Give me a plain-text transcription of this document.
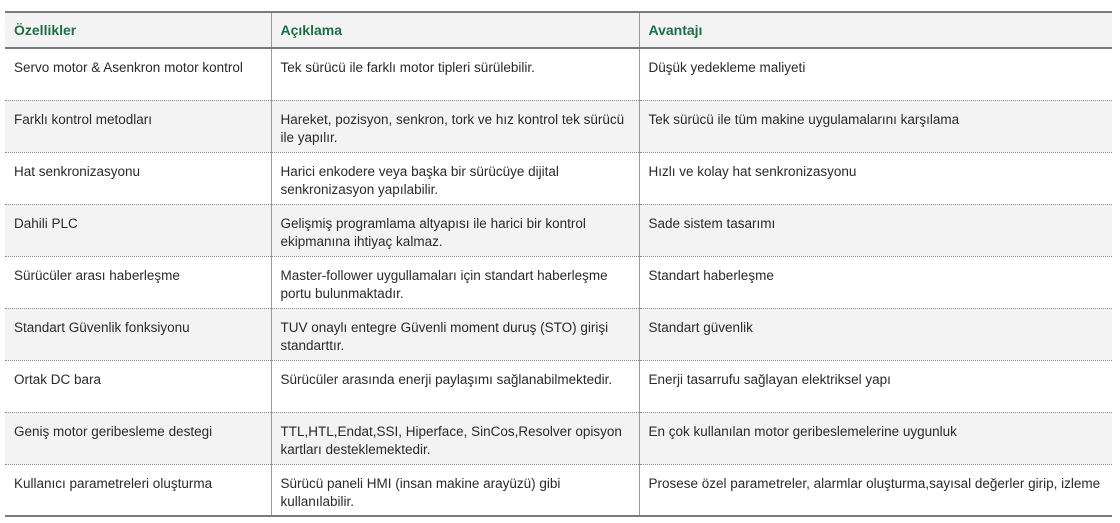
Özellikler	Açıklama	Avantajı
Servo motor & Asenkron motor kontrol	Tek sürücü ile farklı motor tipleri sürülebilir.	Düşük yedekleme maliyeti
Farklı kontrol metodları	Hareket, pozisyon, senkron, tork ve hız kontrol tek sürücü ile yapılır.	Tek sürücü ile tüm makine uygulamalarını karşılama
Hat senkronizasyonu	Harici enkodere veya başka bir sürücüye dijital senkronizasyon yapılabilir.	Hızlı ve kolay hat senkronizasyonu
Dahili PLC	Gelişmiş programlama altyapısı ile harici bir kontrol ekipmanına ihtiyaç kalmaz.	Sade sistem tasarımı
Sürücüler arası haberleşme	Master-follower uygullamaları için standart haberleşme portu bulunmaktadır.	Standart haberleşme
Standart Güvenlik fonksiyonu	TUV onaylı entegre Güvenli moment duruş (STO) girişi standarttır.	Standart güvenlik
Ortak DC bara	Sürücüler arasında enerji paylaşımı sağlanabilmektedir.	Enerji tasarrufu sağlayan elektriksel yapı
Geniş motor geribesleme destegi	TTL,HTL,Endat,SSI, Hiperface, SinCos,Resolver opisyon kartları desteklemektedir.	En çok kullanılan motor geribeslemelerine uygunluk
Kullanıcı parametreleri oluşturma	Sürücü paneli HMI (insan makine arayüzü) gibi kullanılabilir.	Prosese özel parametreler, alarmlar oluşturma,sayısal değerler girip, izleme
